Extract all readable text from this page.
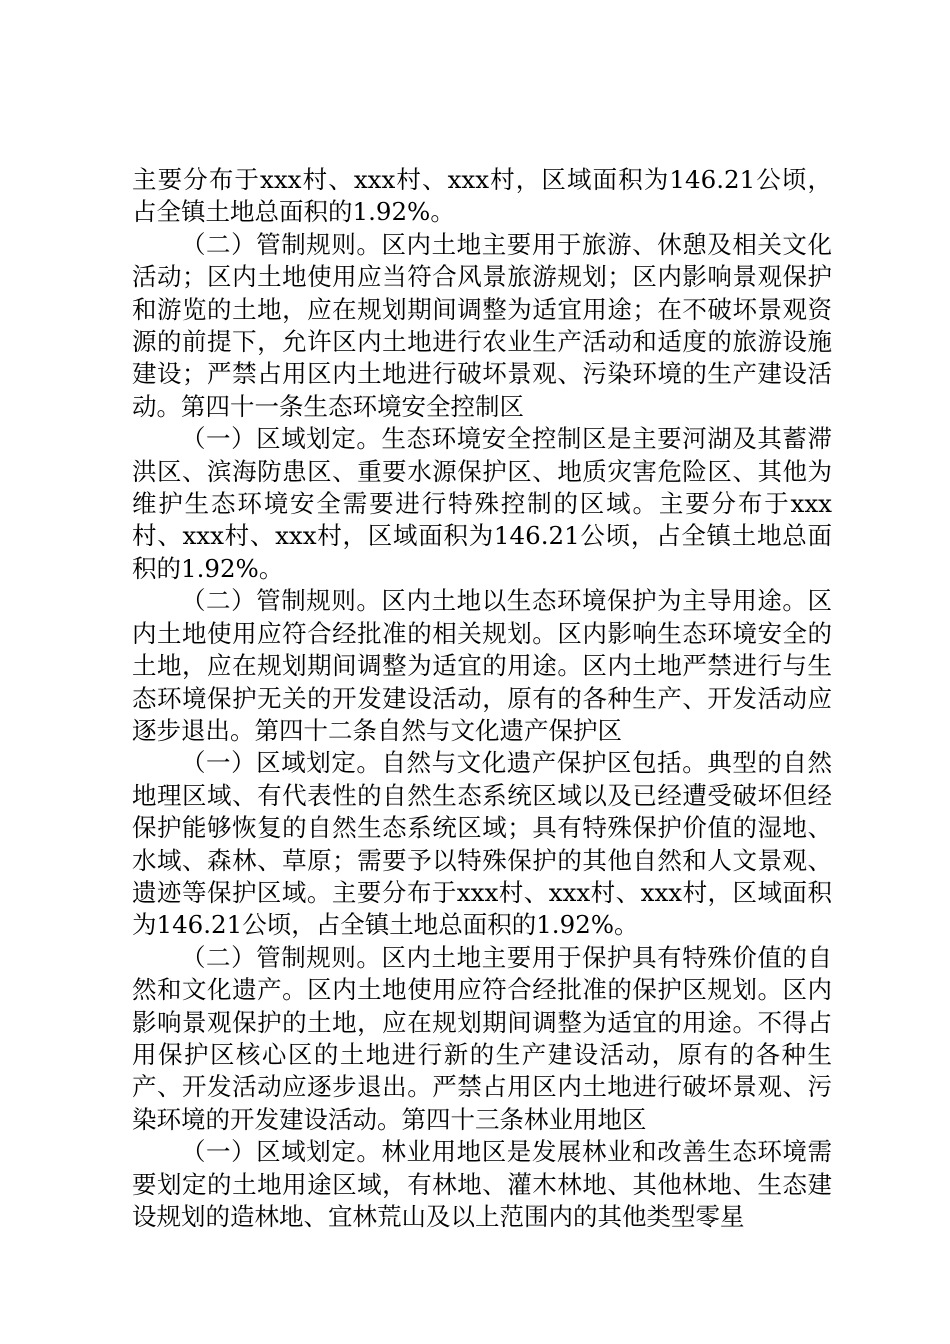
主要分布于xxx村、xxx村、xxx村，区域面积为146.21公顷，占全镇土地总面积的1.92%。

（二）管制规则。区内土地主要用于旅游、休憩及相关文化活动；区内土地使用应当符合风景旅游规划；区内影响景观保护和游览的土地，应在规划期间调整为适宜用途；在不破坏景观资源的前提下，允许区内土地进行农业生产活动和适度的旅游设施建设；严禁占用区内土地进行破坏景观、污染环境的生产建设活动。第四十一条生态环境安全控制区

（一）区域划定。生态环境安全控制区是主要河湖及其蓄滞洪区、滨海防患区、重要水源保护区、地质灾害危险区、其他为维护生态环境安全需要进行特殊控制的区域。主要分布于xxx村、xxx村、xxx村，区域面积为146.21公顷，占全镇土地总面积的1.92%。

（二）管制规则。区内土地以生态环境保护为主导用途。区内土地使用应符合经批准的相关规划。区内影响生态环境安全的土地，应在规划期间调整为适宜的用途。区内土地严禁进行与生态环境保护无关的开发建设活动，原有的各种生产、开发活动应逐步退出。第四十二条自然与文化遗产保护区

（一）区域划定。自然与文化遗产保护区包括。典型的自然地理区域、有代表性的自然生态系统区域以及已经遭受破坏但经保护能够恢复的自然生态系统区域；具有特殊保护价值的湿地、水域、森林、草原；需要予以特殊保护的其他自然和人文景观、遗迹等保护区域。主要分布于xxx村、xxx村、xxx村，区域面积为146.21公顷，占全镇土地总面积的1.92%。

（二）管制规则。区内土地主要用于保护具有特殊价值的自然和文化遗产。区内土地使用应符合经批准的保护区规划。区内影响景观保护的土地，应在规划期间调整为适宜的用途。不得占用保护区核心区的土地进行新的生产建设活动，原有的各种生产、开发活动应逐步退出。严禁占用区内土地进行破坏景观、污染环境的开发建设活动。第四十三条林业用地区

（一）区域划定。林业用地区是发展林业和改善生态环境需要划定的土地用途区域，有林地、灌木林地、其他林地、生态建设规划的造林地、宜林荒山及以上范围内的其他类型零星
